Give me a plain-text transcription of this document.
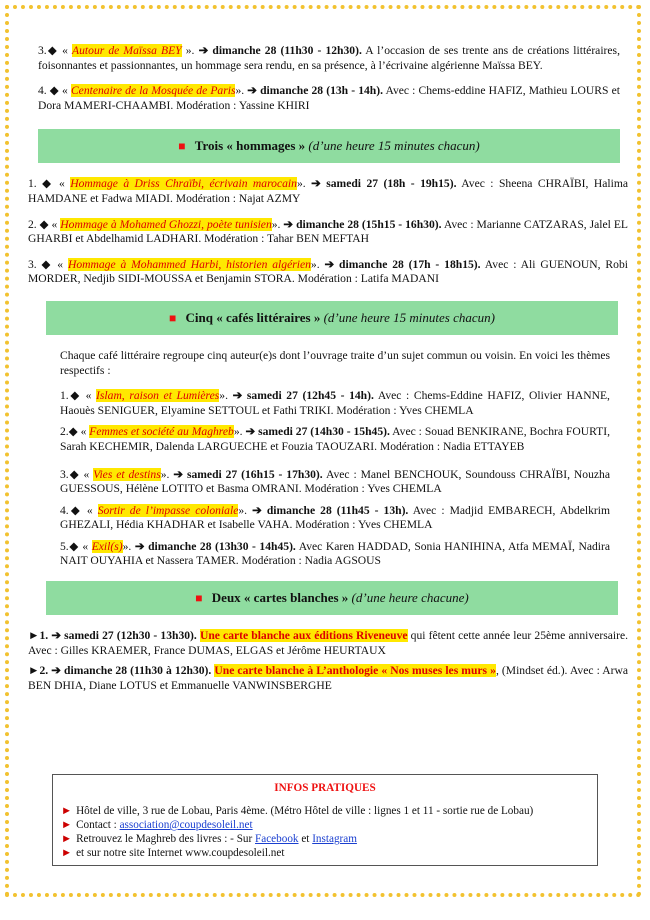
3.◆ « Autour de Maïssa BEY ». ➔ dimanche 28 (11h30 - 12h30). A l’occasion de ses trente ans de créations littéraires, foisonnantes et passionnantes, un hommage sera rendu, en sa présence, à l’écrivaine algérienne Maïssa BEY.

4. ◆ « Centenaire de la Mosquée de Paris». ➔ dimanche 28 (13h - 14h). Avec : Chems-eddine HAFIZ, Mathieu LOURS et Dora MAMERI-CHAAMBI. Modération : Yassine KHIRI

■ Trois « hommages » (d’une heure 15 minutes chacun)

1. ◆ « Hommage à Driss Chraïbi, écrivain marocain». ➔ samedi 27 (18h - 19h15). Avec : Sheena CHRAÏBI, Halima HAMDANE et Fadwa MIADI. Modération : Najat AZMY

2. ◆ « Hommage à Mohamed Ghozzi, poète tunisien». ➔ dimanche 28 (15h15 - 16h30). Avec : Marianne CATZARAS, Jalel EL GHARBI et Abdelhamid LADHARI. Modération : Tahar BEN MEFTAH

3. ◆ « Hommage à Mohammed Harbi, historien algérien». ➔ dimanche 28 (17h - 18h15). Avec : Ali GUENOUN, Robi MORDER, Nedjib SIDI-MOUSSA et Benjamin STORA. Modération : Latifa MADANI

■ Cinq « cafés littéraires » (d’une heure 15 minutes chacun)

Chaque café littéraire regroupe cinq auteur(e)s dont l’ouvrage traite d’un sujet commun ou voisin. En voici les thèmes respectifs :

1.◆ « Islam, raison et Lumières». ➔ samedi 27 (12h45 - 14h). Avec : Chems-Eddine HAFIZ, Olivier HANNE, Haouès SENIGUER, Elyamine SETTOUL et Fathi TRIKI. Modération : Yves CHEMLA

2.◆ « Femmes et société au Maghreb». ➔ samedi 27 (14h30 - 15h45). Avec : Souad BENKIRANE, Bochra FOURTI, Sarah KECHEMIR, Dalenda LARGUECHE et Fouzia TAOUZARI. Modération : Nadia ETTAYEB

3.◆ « Vies et destins». ➔ samedi 27 (16h15 - 17h30). Avec : Manel BENCHOUK, Soundouss CHRAÏBI, Nouzha GUESSOUS, Hélène LOTITO et Basma OMRANI. Modération : Yves CHEMLA

4.◆ « Sortir de l’impasse coloniale». ➔ dimanche 28 (11h45 - 13h). Avec : Madjid EMBARECH, Abdelkrim GHEZALI, Hédia KHADHAR et Isabelle VAHA. Modération : Yves CHEMLA

5.◆ « Exil(s)». ➔ dimanche 28 (13h30 - 14h45). Avec Karen HADDAD, Sonia HANIHINA, Atfa MEMAÏ, Nadira NAIT OUYAHIA et Nassera TAMER. Modération : Nadia AGSOUS

■ Deux « cartes blanches » (d’une heure chacune)

►1. ➔ samedi 27 (12h30 - 13h30). Une carte blanche aux éditions Riveneuve qui fêtent cette année leur 25ème anniversaire. Avec : Gilles KRAEMER, France DUMAS, ELGAS et Jérôme HEURTAUX

►2. ➔ dimanche 28 (11h30 à 12h30). Une carte blanche à L’anthologie « Nos muses les murs », (Mindset éd.). Avec : Arwa BEN DHIA, Diane LOTUS et Emmanuelle VANWINSBERGHE

INFOS PRATIQUES
► Hôtel de ville, 3 rue de Lobau, Paris 4ème. (Métro Hôtel de ville : lignes 1 et 11 - sortie rue de Lobau)
► Contact : association@coupdesoleil.net
► Retrouvez le Maghreb des livres : - Sur Facebook et Instagram
► et sur notre site Internet www.coupdesoleil.net
